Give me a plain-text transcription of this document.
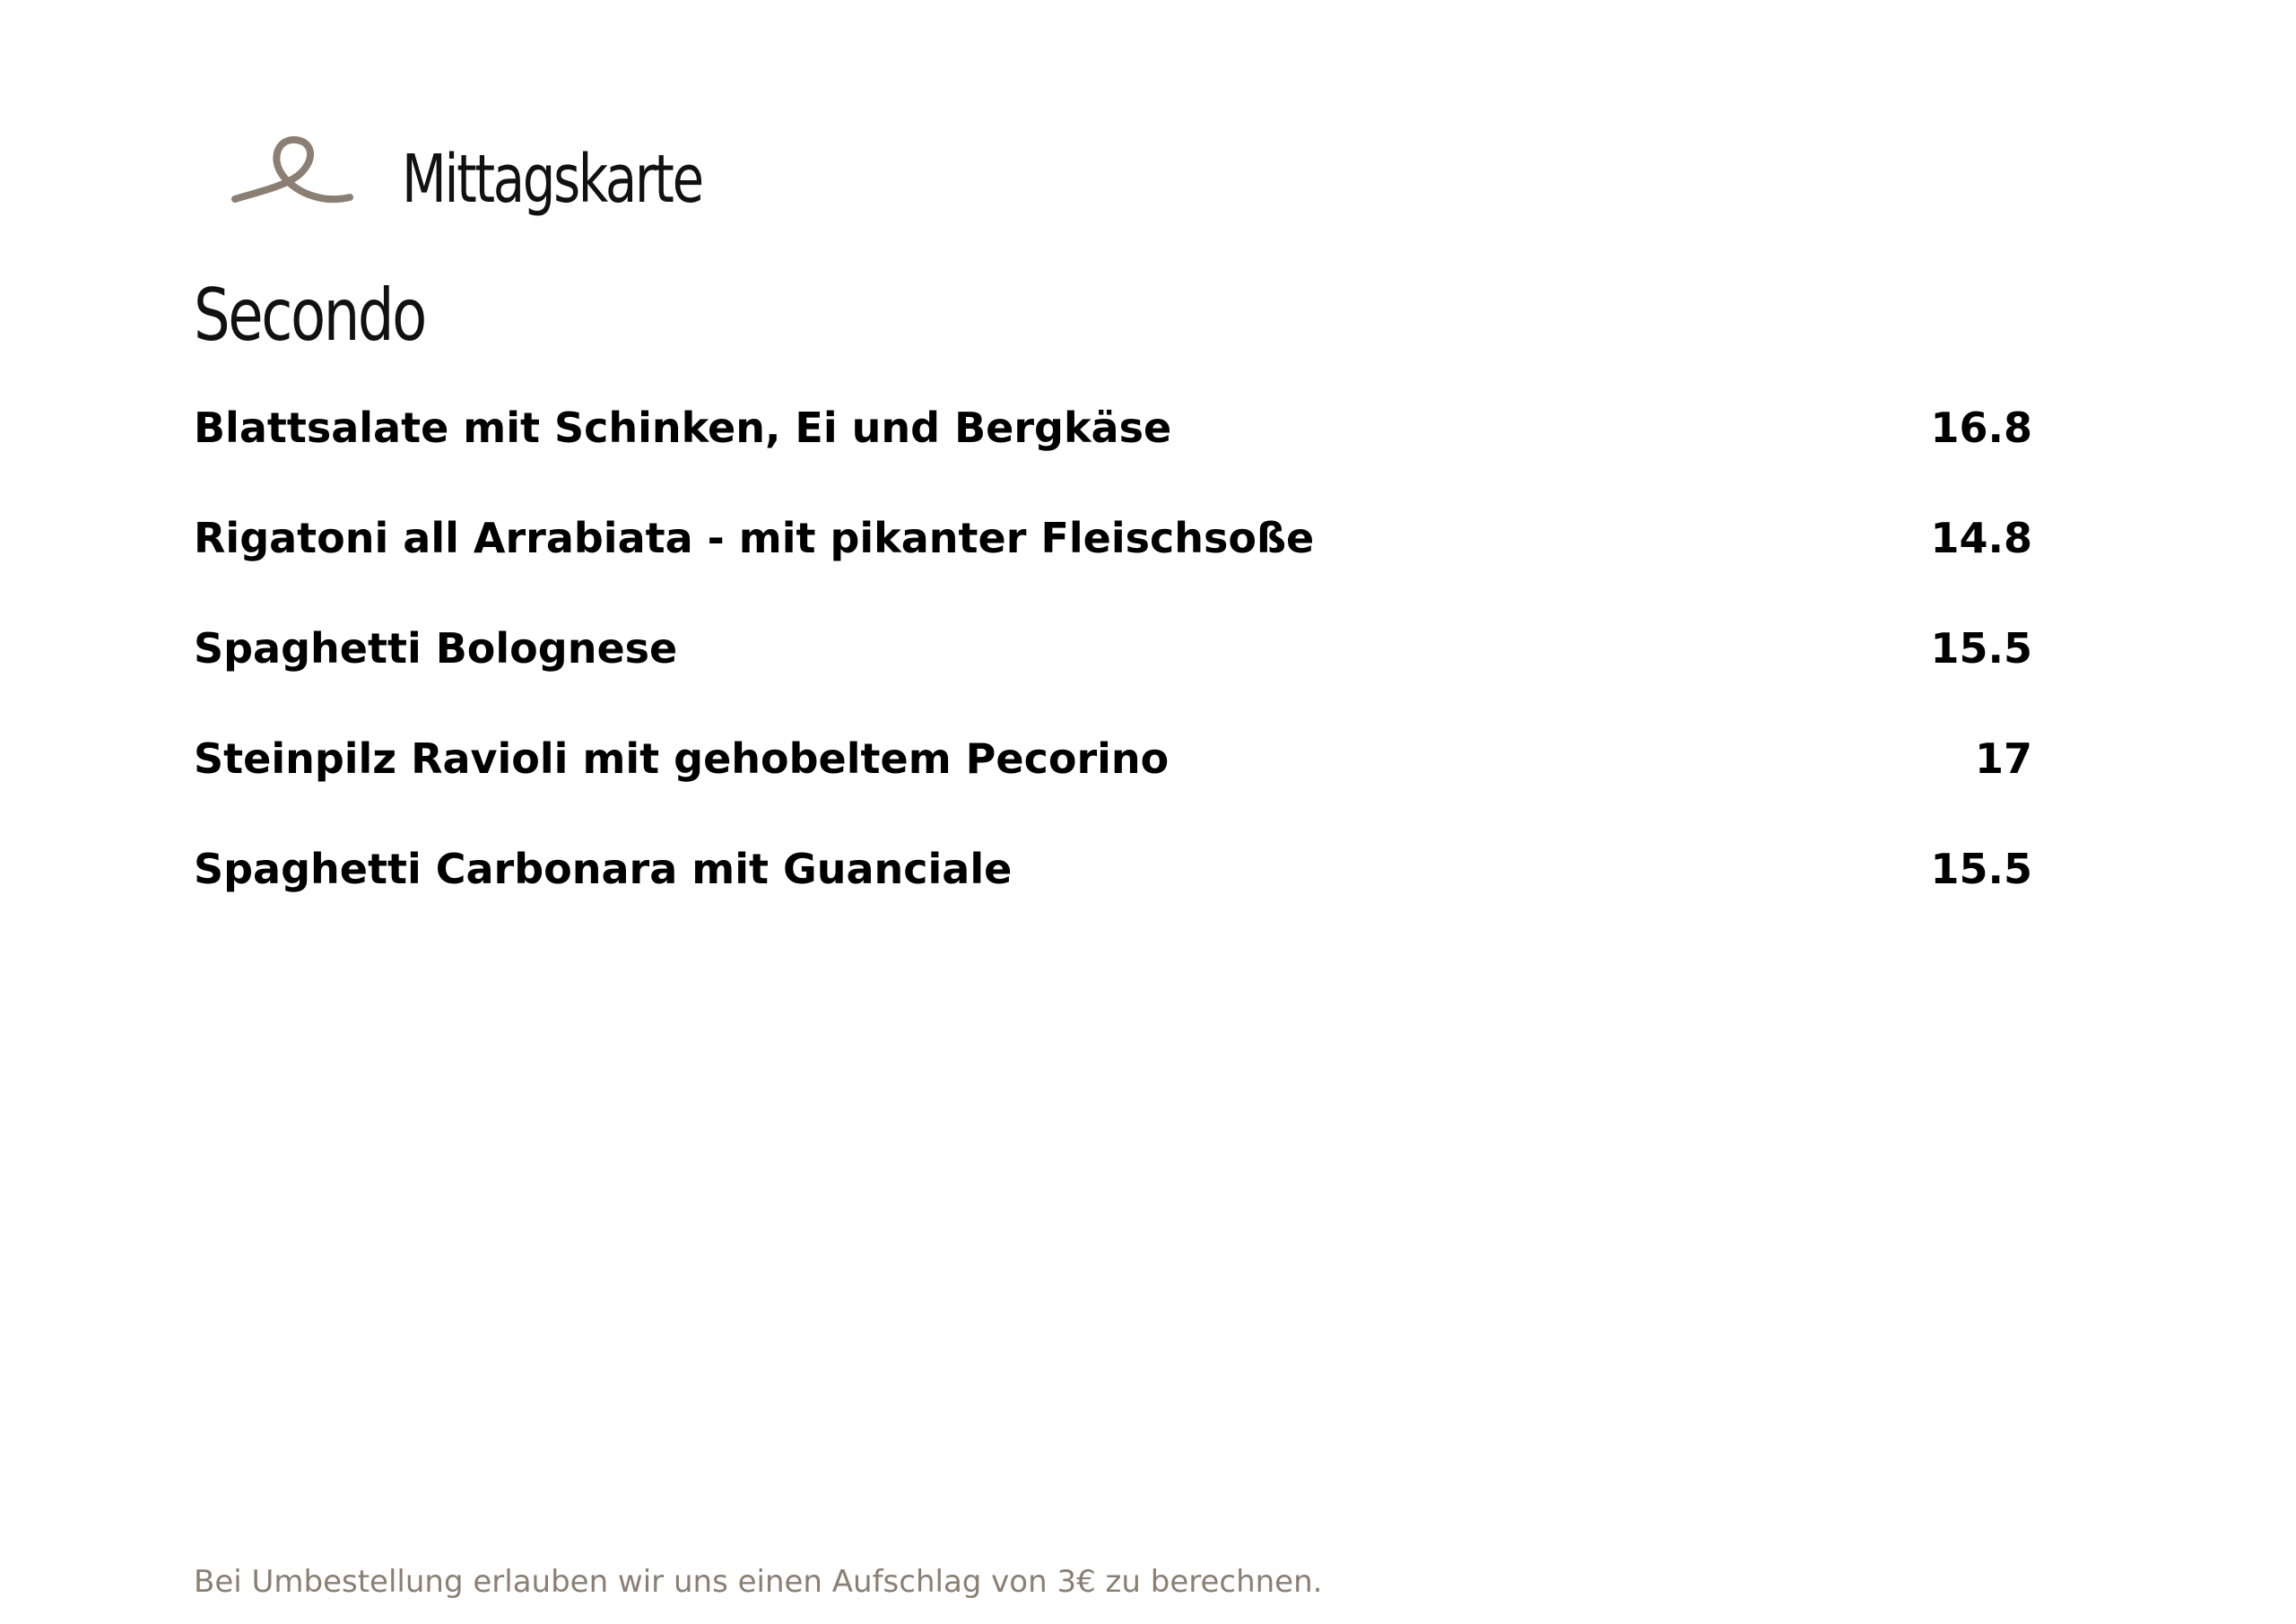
Mittagskarte
Secondo
Blattsalate mit Schinken, Ei und Bergkäse	16.8
Rigatoni all Arrabiata - mit pikanter Fleischsoße	14.8
Spaghetti Bolognese	15.5
Steinpilz Ravioli mit gehobeltem Pecorino	17
Spaghetti Carbonara mit Guanciale	15.5
Bei Umbestellung erlauben wir uns einen Aufschlag von 3€ zu berechnen.
